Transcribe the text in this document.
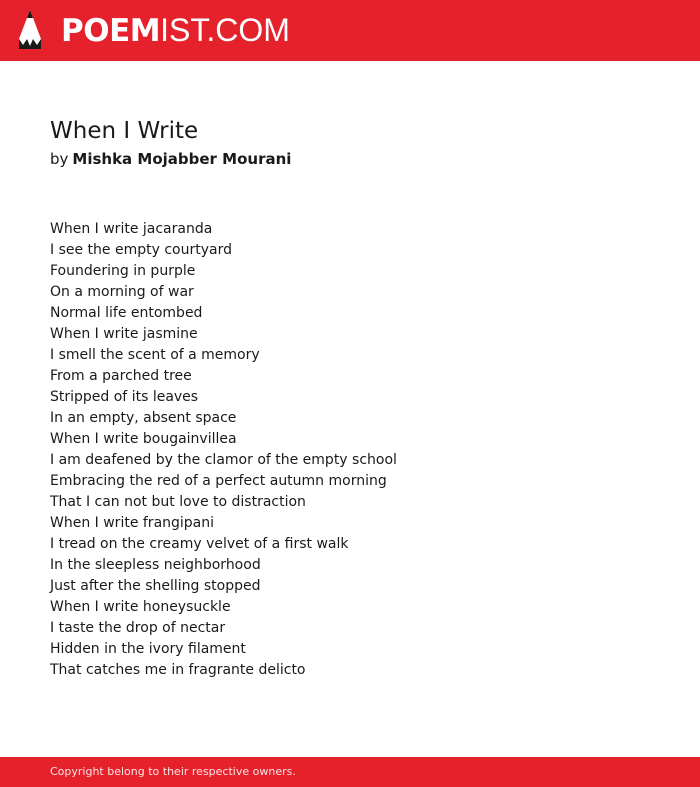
POEMIST.COM
When I Write
by Mishka Mojabber Mourani
When I write jacaranda
I see the empty courtyard
Foundering in purple
On a morning of war
Normal life entombed
When I write jasmine
I smell the scent of a memory
From a parched tree
Stripped of its leaves
In an empty, absent space
When I write bougainvillea
I am deafened by the clamor of the empty school
Embracing the red of a perfect autumn morning
That I can not but love to distraction
When I write frangipani
I tread on the creamy velvet of a first walk
In the sleepless neighborhood
Just after the shelling stopped
When I write honeysuckle
I taste the drop of nectar
Hidden in the ivory filament
That catches me in fragrante delicto
Copyright belong to their respective owners.
